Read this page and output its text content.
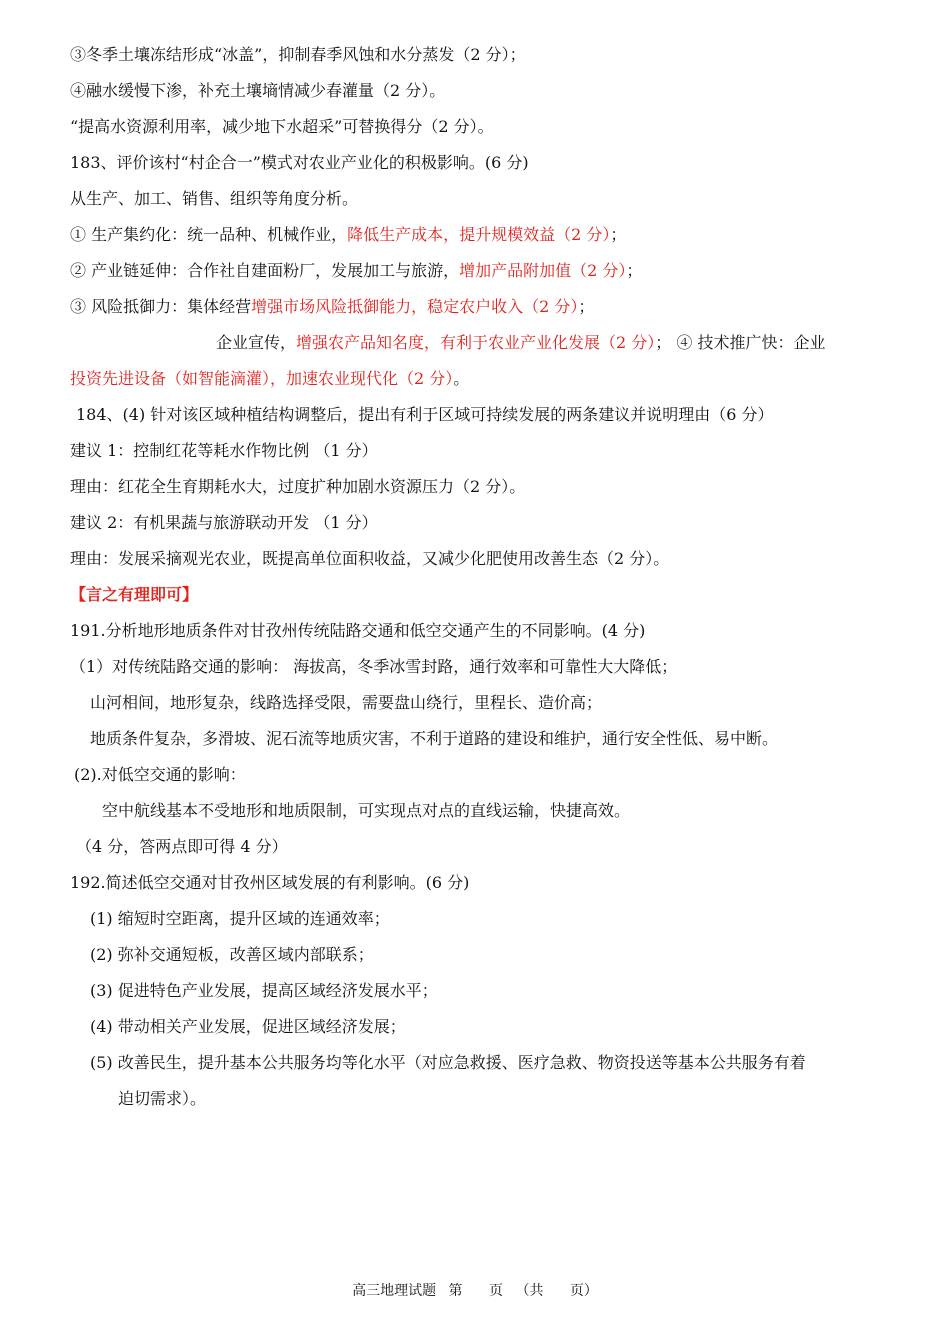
③冬季土壤冻结形成“冰盖”，抑制春季风蚀和水分蒸发（2 分）；
④融水缓慢下渗，补充土壤墒情减少春灌量（2 分）。
“提高水资源利用率，减少地下水超采”可替换得分（2 分）。
183、评价该村“村企合一”模式对农业产业化的积极影响。(6 分)
从生产、加工、销售、组织等角度分析。
① 生产集约化：统一品种、机械作业，降低生产成本，提升规模效益（2 分）；
② 产业链延伸：合作社自建面粉厂，发展加工与旅游，增加产品附加值（2 分）；
③ 风险抵御力：集体经营增强市场风险抵御能力，稳定农户收入（2 分）；
企业宣传，增强农产品知名度，有利于农业产业化发展（2 分）； ④ 技术推广快：企业
投资先进设备（如智能滴灌），加速农业现代化（2 分）。
184、(4) 针对该区域种植结构调整后，提出有利于区域可持续发展的两条建议并说明理由（6 分）
建议 1：控制红花等耗水作物比例 （1 分）
理由：红花全生育期耗水大，过度扩种加剧水资源压力（2 分）。
建议 2：有机果蔬与旅游联动开发 （1 分）
理由：发展采摘观光农业，既提高单位面积收益，又减少化肥使用改善生态（2 分）。
【言之有理即可】
191.分析地形地质条件对甘孜州传统陆路交通和低空交通产生的不同影响。(4 分)
（1）对传统陆路交通的影响： 海拔高，冬季冰雪封路，通行效率和可靠性大大降低；
山河相间，地形复杂，线路选择受限，需要盘山绕行，里程长、造价高；
地质条件复杂，多滑坡、泥石流等地质灾害，不利于道路的建设和维护，通行安全性低、易中断。
(2).对低空交通的影响：
空中航线基本不受地形和地质限制，可实现点对点的直线运输，快捷高效。
（4 分，答两点即可得 4 分）
192.简述低空交通对甘孜州区域发展的有利影响。(6 分)
(1) 缩短时空距离，提升区域的连通效率；
(2) 弥补交通短板，改善区域内部联系；
(3) 促进特色产业发展，提高区域经济发展水平；
(4) 带动相关产业发展，促进区域经济发展；
(5) 改善民生，提升基本公共服务均等化水平（对应急救援、医疗急救、物资投送等基本公共服务有着
迫切需求）。
高三地理试题 第 页 （共 页）
